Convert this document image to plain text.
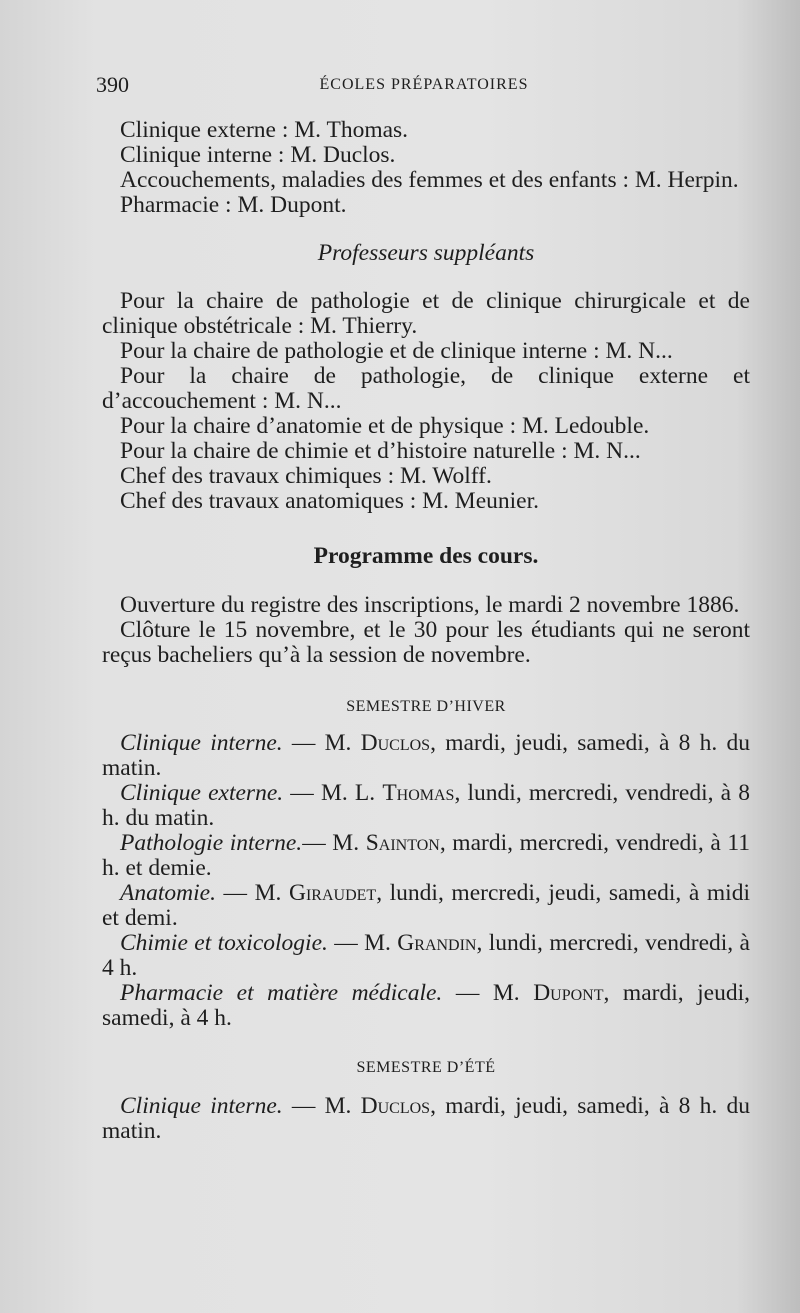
390	ÉCOLES PRÉPARATOIRES

Clinique externe : M. Thomas.

Clinique interne : M. Duclos.

Accouchements, maladies des femmes et des enfants : M. Herpin.

Pharmacie : M. Dupont.

Professeurs suppléants

Pour la chaire de pathologie et de clinique chirurgicale et de clinique obstétricale : M. Thierry.

Pour la chaire de pathologie et de clinique interne : M. N...

Pour la chaire de pathologie, de clinique externe et d’accouchement : M. N...

Pour la chaire d’anatomie et de physique : M. Ledouble.

Pour la chaire de chimie et d’histoire naturelle : M. N...

Chef des travaux chimiques : M. Wolff.

Chef des travaux anatomiques : M. Meunier.

Programme des cours.

Ouverture du registre des inscriptions, le mardi 2 novembre 1886.

Clôture le 15 novembre, et le 30 pour les étudiants qui ne seront reçus bacheliers qu’à la session de novembre.

SEMESTRE D’HIVER

Clinique interne. — M. Duclos, mardi, jeudi, samedi, à 8 h. du matin.

Clinique externe. — M. L. Thomas, lundi, mercredi, vendredi, à 8 h. du matin.

Pathologie interne.— M. Sainton, mardi, mercredi, vendredi, à 11 h. et demie.

Anatomie. — M. Giraudet, lundi, mercredi, jeudi, samedi, à midi et demi.

Chimie et toxicologie. — M. Grandin, lundi, mercredi, vendredi, à 4 h.

Pharmacie et matière médicale. — M. Dupont, mardi, jeudi, samedi, à 4 h.

SEMESTRE D’ÉTÉ

Clinique interne. — M. Duclos, mardi, jeudi, samedi, à 8 h. du matin.
